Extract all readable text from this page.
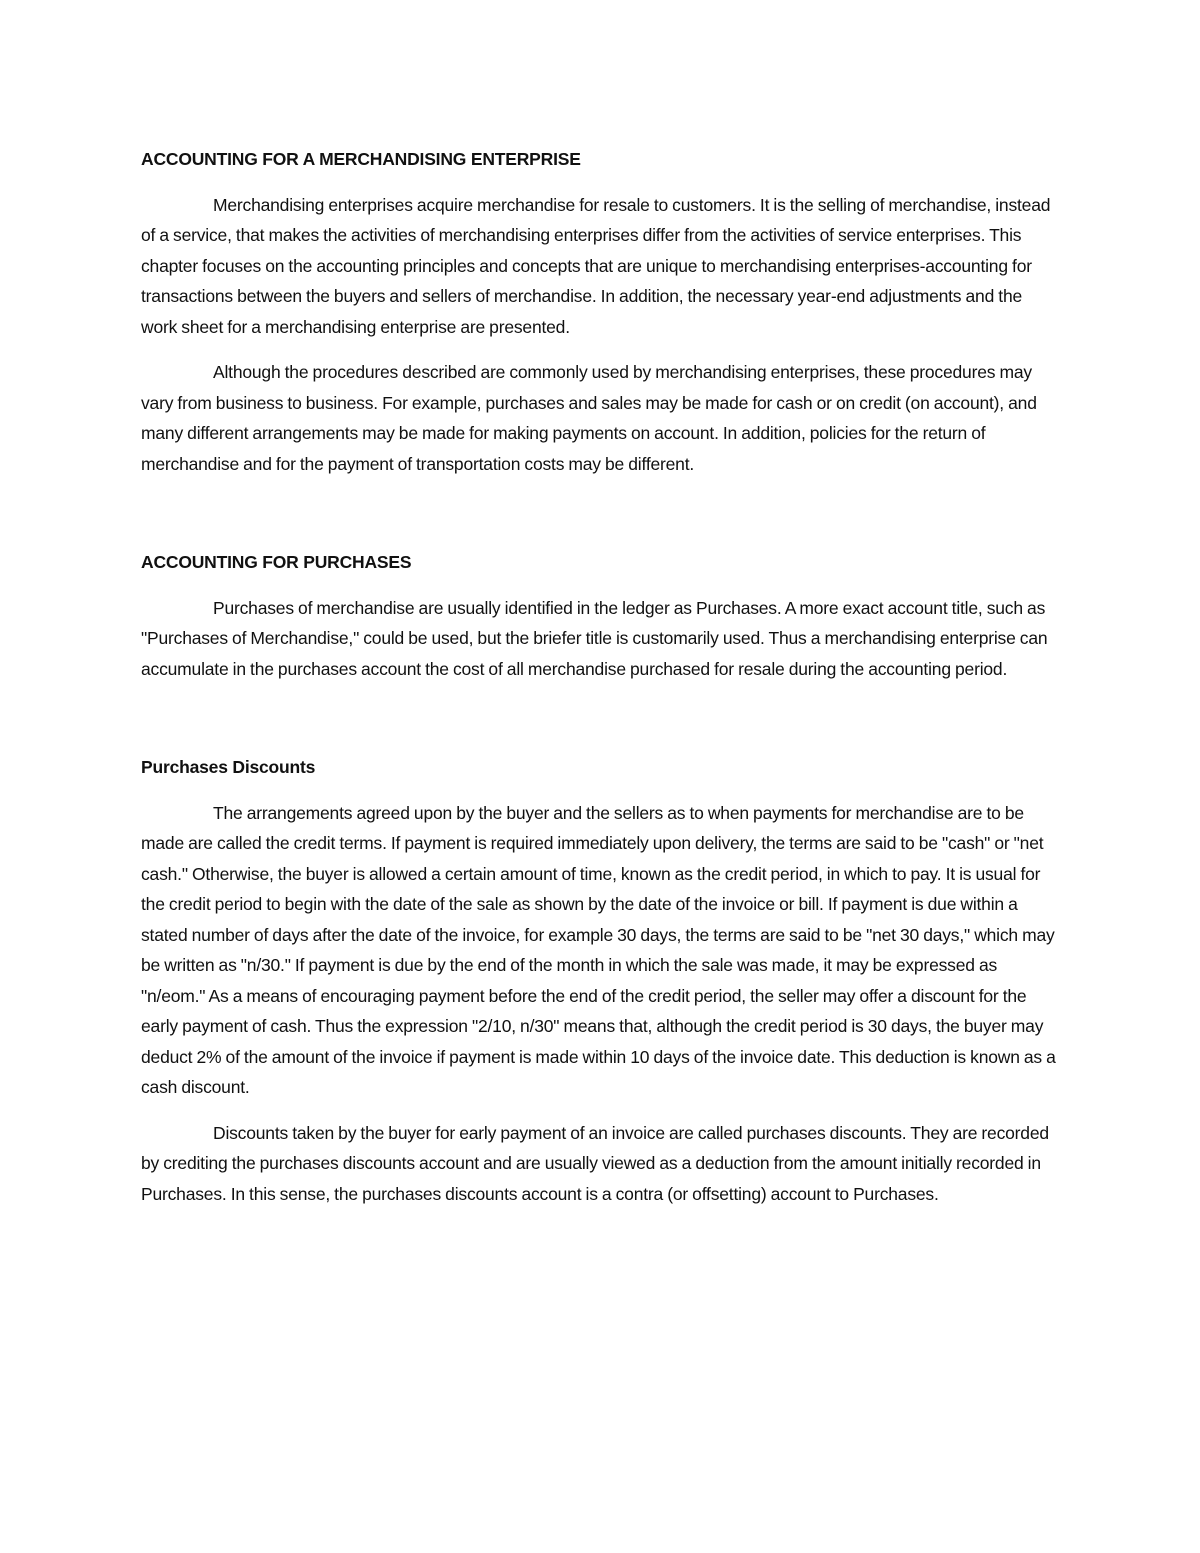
ACCOUNTING FOR A MERCHANDISING ENTERPRISE

Merchandising enterprises acquire merchandise for resale to customers. It is the selling of merchandise, instead of a service, that makes the activities of merchandising enterprises differ from the activities of service enterprises. This chapter focuses on the accounting principles and concepts that are unique to merchandising enterprises-accounting for transactions between the buyers and sellers of merchandise. In addition, the necessary year-end adjustments and the work sheet for a merchandising enterprise are presented.

Although the procedures described are commonly used by merchandising enterprises, these procedures may vary from business to business. For example, purchases and sales may be made for cash or on credit (on account), and many different arrangements may be made for making payments on account. In addition, policies for the return of merchandise and for the payment of transportation costs may be different.

ACCOUNTING FOR PURCHASES

Purchases of merchandise are usually identified in the ledger as Purchases. A more exact account title, such as "Purchases of Merchandise," could be used, but the briefer title is customarily used. Thus a merchandising enterprise can accumulate in the purchases account the cost of all merchandise purchased for resale during the accounting period.

Purchases Discounts

The arrangements agreed upon by the buyer and the sellers as to when payments for merchandise are to be made are called the credit terms. If payment is required immediately upon delivery, the terms are said to be "cash" or "net cash." Otherwise, the buyer is allowed a certain amount of time, known as the credit period, in which to pay. It is usual for the credit period to begin with the date of the sale as shown by the date of the invoice or bill. If payment is due within a stated number of days after the date of the invoice, for example 30 days, the terms are said to be "net 30 days," which may be written as "n/30." If payment is due by the end of the month in which the sale was made, it may be expressed as "n/eom." As a means of encouraging payment before the end of the credit period, the seller may offer a discount for the early payment of cash. Thus the expression "2/10, n/30" means that, although the credit period is 30 days, the buyer may deduct 2% of the amount of the invoice if payment is made within 10 days of the invoice date. This deduction is known as a cash discount.

Discounts taken by the buyer for early payment of an invoice are called purchases discounts. They are recorded by crediting the purchases discounts account and are usually viewed as a deduction from the amount initially recorded in Purchases. In this sense, the purchases discounts account is a contra (or offsetting) account to Purchases.
